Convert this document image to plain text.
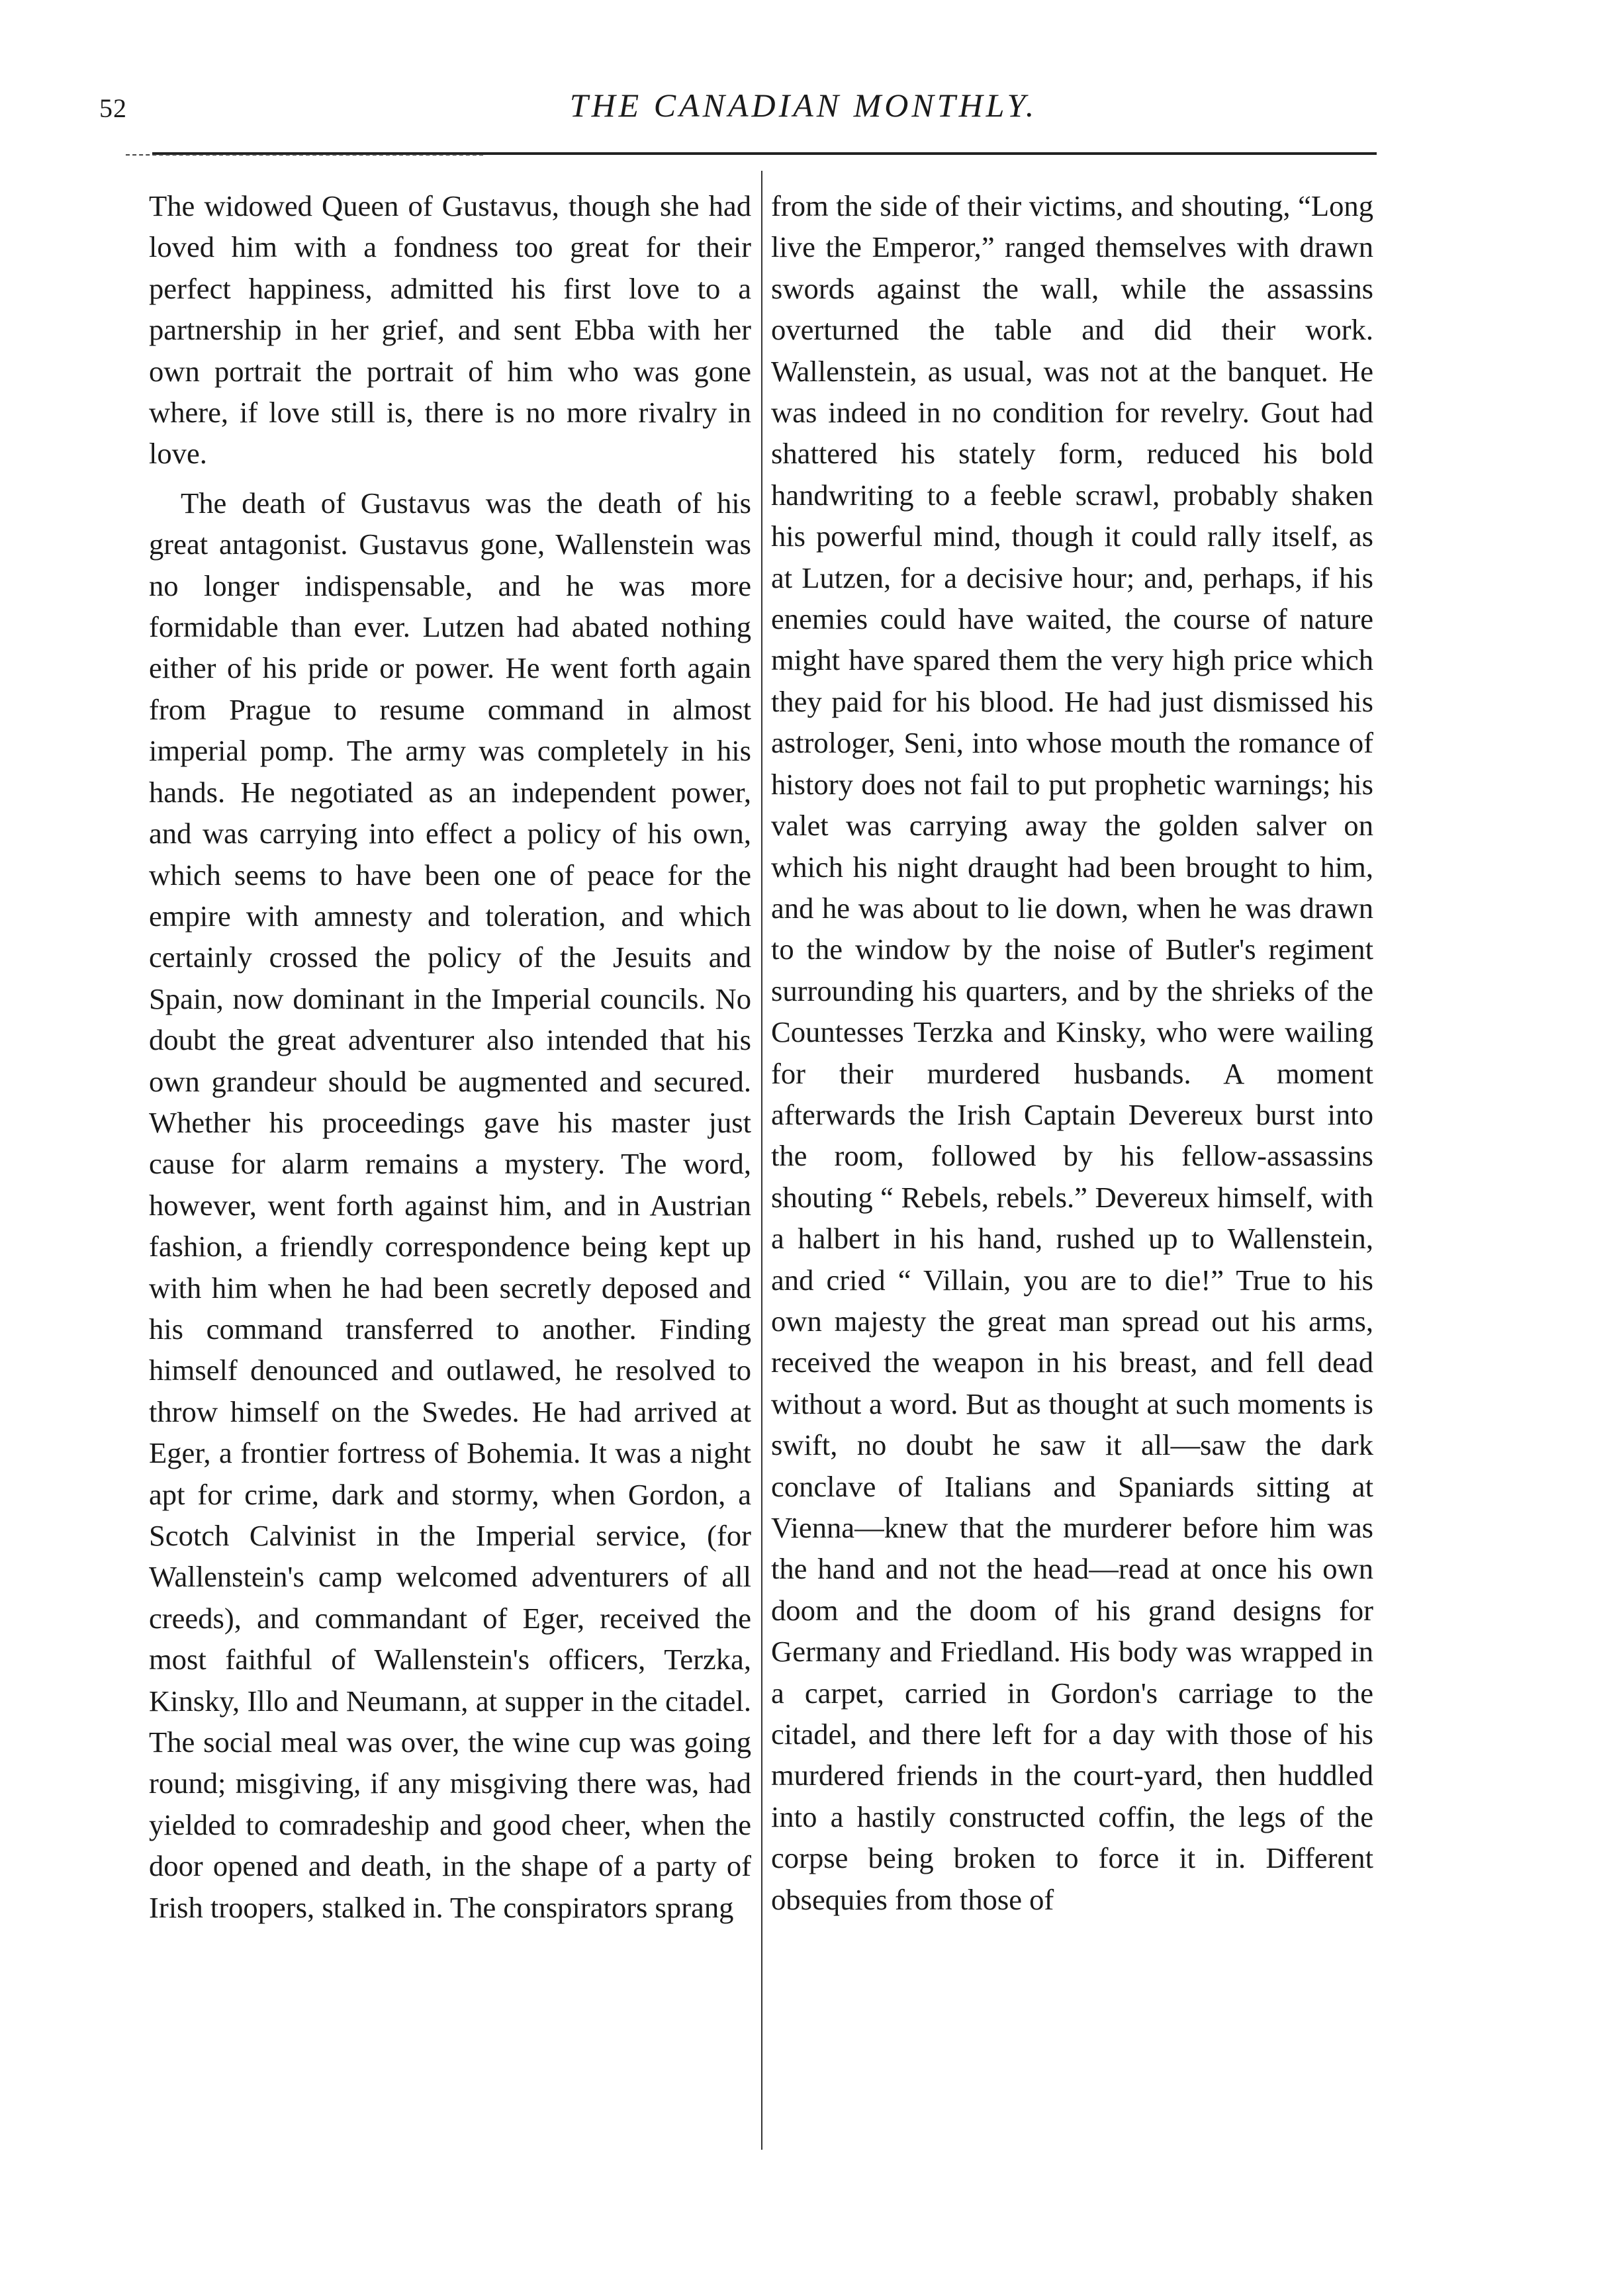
52	THE CANADIAN MONTHLY.

The widowed Queen of Gustavus, though she had loved him with a fondness too great for their perfect happiness, admitted his first love to a partnership in her grief, and sent Ebba with her own portrait the portrait of him who was gone where, if love still is, there is no more rivalry in love.

The death of Gustavus was the death of his great antagonist. Gustavus gone, Wallenstein was no longer indispensable, and he was more formidable than ever. Lutzen had abated nothing either of his pride or power. He went forth again from Prague to resume command in almost imperial pomp. The army was completely in his hands. He negotiated as an independent power, and was carrying into effect a policy of his own, which seems to have been one of peace for the empire with amnesty and toleration, and which certainly crossed the policy of the Jesuits and Spain, now dominant in the Imperial councils. No doubt the great adventurer also intended that his own grandeur should be augmented and secured. Whether his proceedings gave his master just cause for alarm remains a mystery. The word, however, went forth against him, and in Austrian fashion, a friendly correspondence being kept up with him when he had been secretly deposed and his command transferred to another. Finding himself denounced and outlawed, he resolved to throw himself on the Swedes. He had arrived at Eger, a frontier fortress of Bohemia. It was a night apt for crime, dark and stormy, when Gordon, a Scotch Calvinist in the Imperial service, (for Wallenstein's camp welcomed adventurers of all creeds), and commandant of Eger, received the most faithful of Wallenstein's officers, Terzka, Kinsky, Illo and Neumann, at supper in the citadel. The social meal was over, the wine cup was going round; misgiving, if any misgiving there was, had yielded to comradeship and good cheer, when the door opened and death, in the shape of a party of Irish troopers, stalked in. The conspirators sprang

from the side of their victims, and shouting, “Long live the Emperor,” ranged themselves with drawn swords against the wall, while the assassins overturned the table and did their work. Wallenstein, as usual, was not at the banquet. He was indeed in no condition for revelry. Gout had shattered his stately form, reduced his bold handwriting to a feeble scrawl, probably shaken his powerful mind, though it could rally itself, as at Lutzen, for a decisive hour; and, perhaps, if his enemies could have waited, the course of nature might have spared them the very high price which they paid for his blood. He had just dismissed his astrologer, Seni, into whose mouth the romance of history does not fail to put prophetic warnings; his valet was carrying away the golden salver on which his night draught had been brought to him, and he was about to lie down, when he was drawn to the window by the noise of Butler's regiment surrounding his quarters, and by the shrieks of the Countesses Terzka and Kinsky, who were wailing for their murdered husbands. A moment afterwards the Irish Captain Devereux burst into the room, followed by his fellow-assassins shouting “ Rebels, rebels.” Devereux himself, with a halbert in his hand, rushed up to Wallenstein, and cried “ Villain, you are to die!” True to his own majesty the great man spread out his arms, received the weapon in his breast, and fell dead without a word. But as thought at such moments is swift, no doubt he saw it all—saw the dark conclave of Italians and Spaniards sitting at Vienna—knew that the murderer before him was the hand and not the head—read at once his own doom and the doom of his grand designs for Germany and Friedland. His body was wrapped in a carpet, carried in Gordon's carriage to the citadel, and there left for a day with those of his murdered friends in the court-yard, then huddled into a hastily constructed coffin, the legs of the corpse being broken to force it in. Different obsequies from those of
